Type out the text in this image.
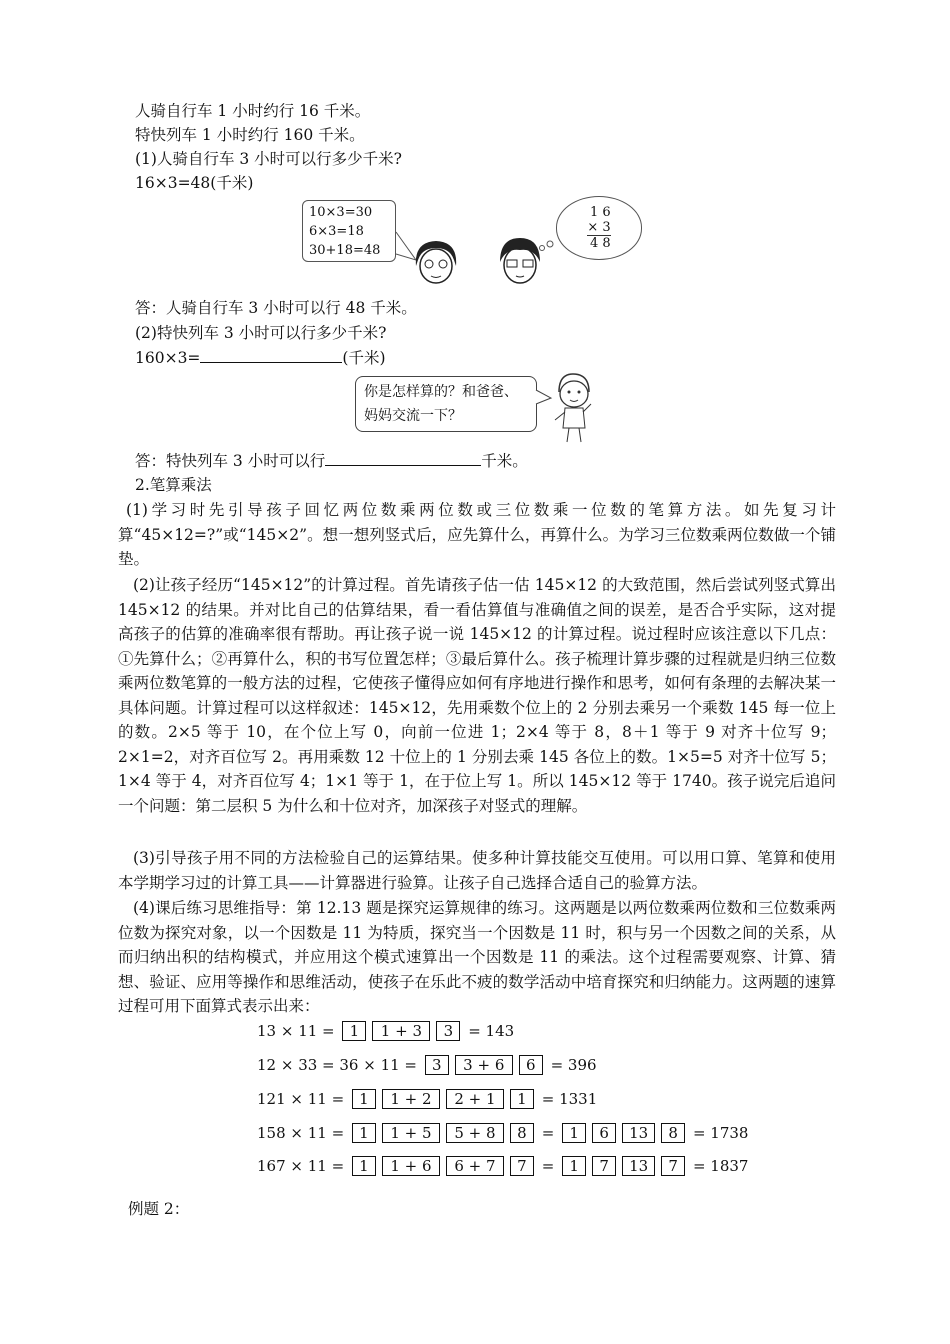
人骑自行车 1 小时约行 16 千米。
特快列车 1 小时约行 160 千米。
(1)人骑自行车 3 小时可以行多少千米?
16×3=48(千米)
10×3=30
6×3=18
30+18=48
1 6
× 3
4 8
答：人骑自行车 3 小时可以行 48 千米。
(2)特快列车 3 小时可以行多少千米?
160×3=	(千米)
你是怎样算的？和爸爸、
妈妈交流一下？
答：特快列车 3 小时可以行	千米。
2.笔算乘法
(1)学习时先引导孩子回忆两位数乘两位数或三位数乘一位数的笔算方法。如先复习计算“45×12=?”或“145×2”。想一想列竖式后，应先算什么，再算什么。为学习三位数乘两位数做一个铺垫。
(2)让孩子经历“145×12”的计算过程。首先请孩子估一估 145×12 的大致范围，然后尝试列竖式算出 145×12 的结果。并对比自己的估算结果，看一看估算值与准确值之间的误差，是否合乎实际，这对提高孩子的估算的准确率很有帮助。再让孩子说一说 145×12 的计算过程。说过程时应该注意以下几点：①先算什么；②再算什么，积的书写位置怎样；③最后算什么。孩子梳理计算步骤的过程就是归纳三位数乘两位数笔算的一般方法的过程，它使孩子懂得应如何有序地进行操作和思考，如何有条理的去解决某一具体问题。计算过程可以这样叙述：145×12，先用乘数个位上的 2 分别去乘另一个乘数 145 每一位上的数。2×5 等于 10，在个位上写 0，向前一位进 1；2×4 等于 8，8＋1 等于 9 对齐十位写 9；2×1=2，对齐百位写 2。再用乘数 12 十位上的 1 分别去乘 145 各位上的数。1×5=5 对齐十位写 5；1×4 等于 4，对齐百位写 4；1×1 等于 1，在于位上写 1。所以 145×12 等于 1740。孩子说完后追问一个问题：第二层积 5 为什么和十位对齐，加深孩子对竖式的理解。
(3)引导孩子用不同的方法检验自己的运算结果。使多种计算技能交互使用。可以用口算、笔算和使用本学期学习过的计算工具——计算器进行验算。让孩子自己选择合适自己的验算方法。
(4)课后练习思维指导：第 12.13 题是探究运算规律的练习。这两题是以两位数乘两位数和三位数乘两位数为探究对象，以一个因数是 11 为特质，探究当一个因数是 11 时，积与另一个因数之间的关系，从而归纳出积的结构模式，并应用这个模式速算出一个因数是 11 的乘法。这个过程需要观察、计算、猜想、验证、应用等操作和思维活动，使孩子在乐此不疲的数学活动中培育探究和归纳能力。这两题的速算过程可用下面算式表示出来：
13 × 11 = 1 1 + 3 3 = 143
12 × 33 = 36 × 11 = 3 3 + 6 6 = 396
121 × 11 = 1 1 + 2 2 + 1 1 = 1331
158 × 11 = 1 1 + 5 5 + 8 8 = 1 6 13 8 = 1738
167 × 11 = 1 1 + 6 6 + 7 7 = 1 7 13 7 = 1837
例题 2：
